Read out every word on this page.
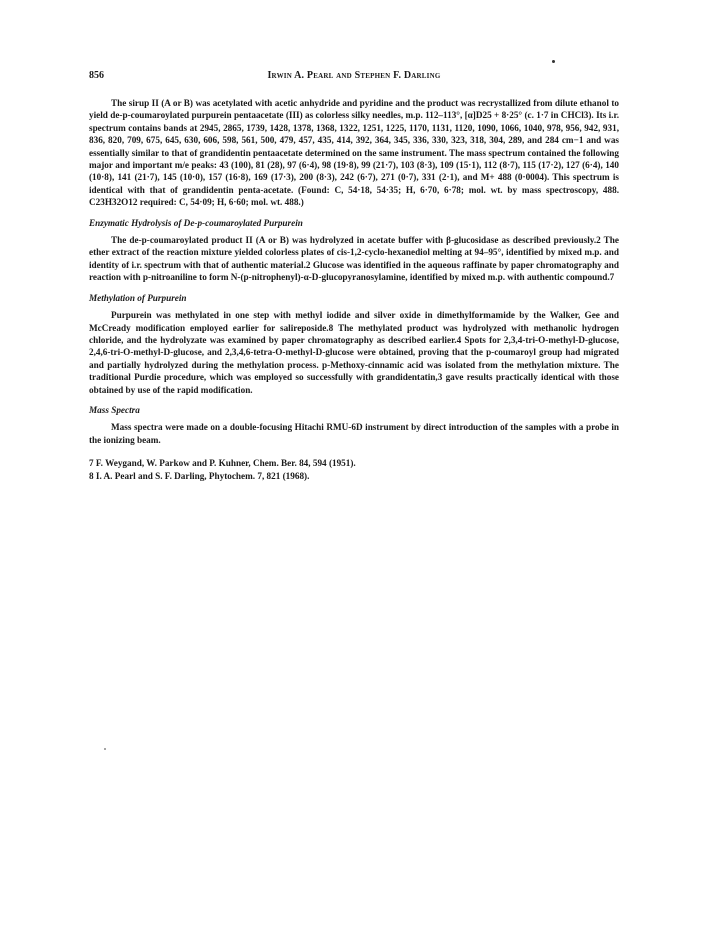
856	Irwin A. Pearl and Stephen F. Darling

The sirup II (A or B) was acetylated with acetic anhydride and pyridine and the product was recrystallized from dilute ethanol to yield de-p-coumaroylated purpurein pentaacetate (III) as colorless silky needles, m.p. 112–113°, [α]D25 + 8·25° (c. 1·7 in CHCl3). Its i.r. spectrum contains bands at 2945, 2865, 1739, 1428, 1378, 1368, 1322, 1251, 1225, 1170, 1131, 1120, 1090, 1066, 1040, 978, 956, 942, 931, 836, 820, 709, 675, 645, 630, 606, 598, 561, 500, 479, 457, 435, 414, 392, 364, 345, 336, 330, 323, 318, 304, 289, and 284 cm−1 and was essentially similar to that of grandidentin pentaacetate determined on the same instrument. The mass spectrum contained the following major and important m/e peaks: 43 (100), 81 (28), 97 (6·4), 98 (19·8), 99 (21·7), 103 (8·3), 109 (15·1), 112 (8·7), 115 (17·2), 127 (6·4), 140 (10·8), 141 (21·7), 145 (10·0), 157 (16·8), 169 (17·3), 200 (8·3), 242 (6·7), 271 (0·7), 331 (2·1), and M+ 488 (0·0004). This spectrum is identical with that of grandidentin penta-acetate. (Found: C, 54·18, 54·35; H, 6·70, 6·78; mol. wt. by mass spectroscopy, 488. C23H32O12 required: C, 54·09; H, 6·60; mol. wt. 488.)

Enzymatic Hydrolysis of De-p-coumaroylated Purpurein

The de-p-coumaroylated product II (A or B) was hydrolyzed in acetate buffer with β-glucosidase as described previously.2 The ether extract of the reaction mixture yielded colorless plates of cis-1,2-cyclo-hexanediol melting at 94–95°, identified by mixed m.p. and identity of i.r. spectrum with that of authentic material.2 Glucose was identified in the aqueous raffinate by paper chromatography and reaction with p-nitroaniline to form N-(p-nitrophenyl)-α-D-glucopyranosylamine, identified by mixed m.p. with authentic compound.7

Methylation of Purpurein

Purpurein was methylated in one step with methyl iodide and silver oxide in dimethylformamide by the Walker, Gee and McCready modification employed earlier for salireposide.8 The methylated product was hydrolyzed with methanolic hydrogen chloride, and the hydrolyzate was examined by paper chromatography as described earlier.4 Spots for 2,3,4-tri-O-methyl-D-glucose, 2,4,6-tri-O-methyl-D-glucose, and 2,3,4,6-tetra-O-methyl-D-glucose were obtained, proving that the p-coumaroyl group had migrated and partially hydrolyzed during the methylation process. p-Methoxy-cinnamic acid was isolated from the methylation mixture. The traditional Purdie procedure, which was employed so successfully with grandidentatin,3 gave results practically identical with those obtained by use of the rapid modification.

Mass Spectra

Mass spectra were made on a double-focusing Hitachi RMU-6D instrument by direct introduction of the samples with a probe in the ionizing beam.

7 F. Weygand, W. Parkow and P. Kuhner, Chem. Ber. 84, 594 (1951).

8 I. A. Pearl and S. F. Darling, Phytochem. 7, 821 (1968).
